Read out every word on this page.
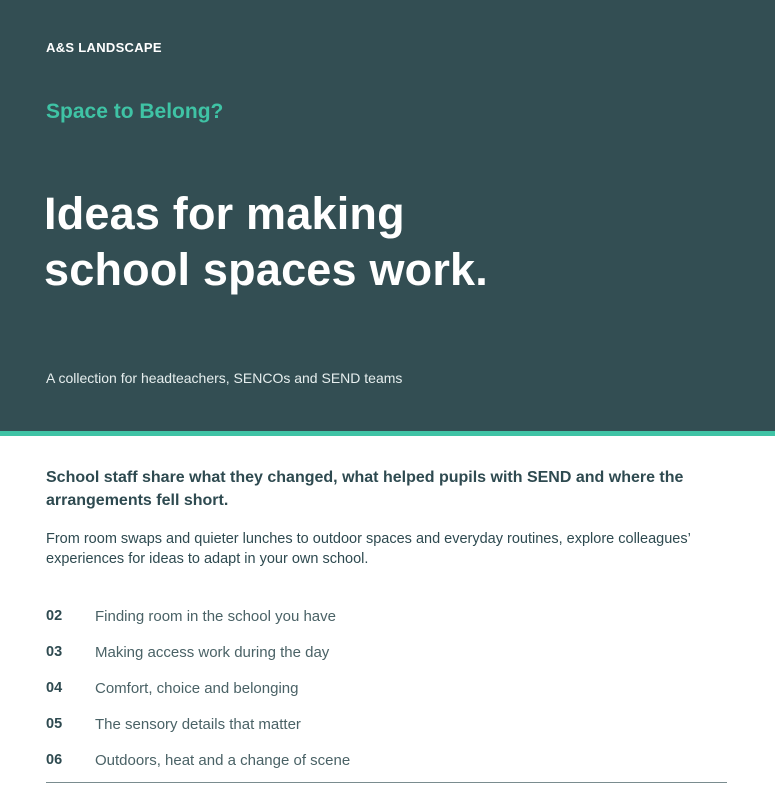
A&S LANDSCAPE
Space to Belong?
Ideas for making
school spaces work.
A collection for headteachers, SENCOs and SEND teams

School staff share what they changed, what helped pupils with SEND and where the arrangements fell short.

From room swaps and quieter lunches to outdoor spaces and everyday routines, explore colleagues’ experiences for ideas to adapt in your own school.

02	Finding room in the school you have
03	Making access work during the day
04	Comfort, choice and belonging
05	The sensory details that matter
06	Outdoors, heat and a change of scene
